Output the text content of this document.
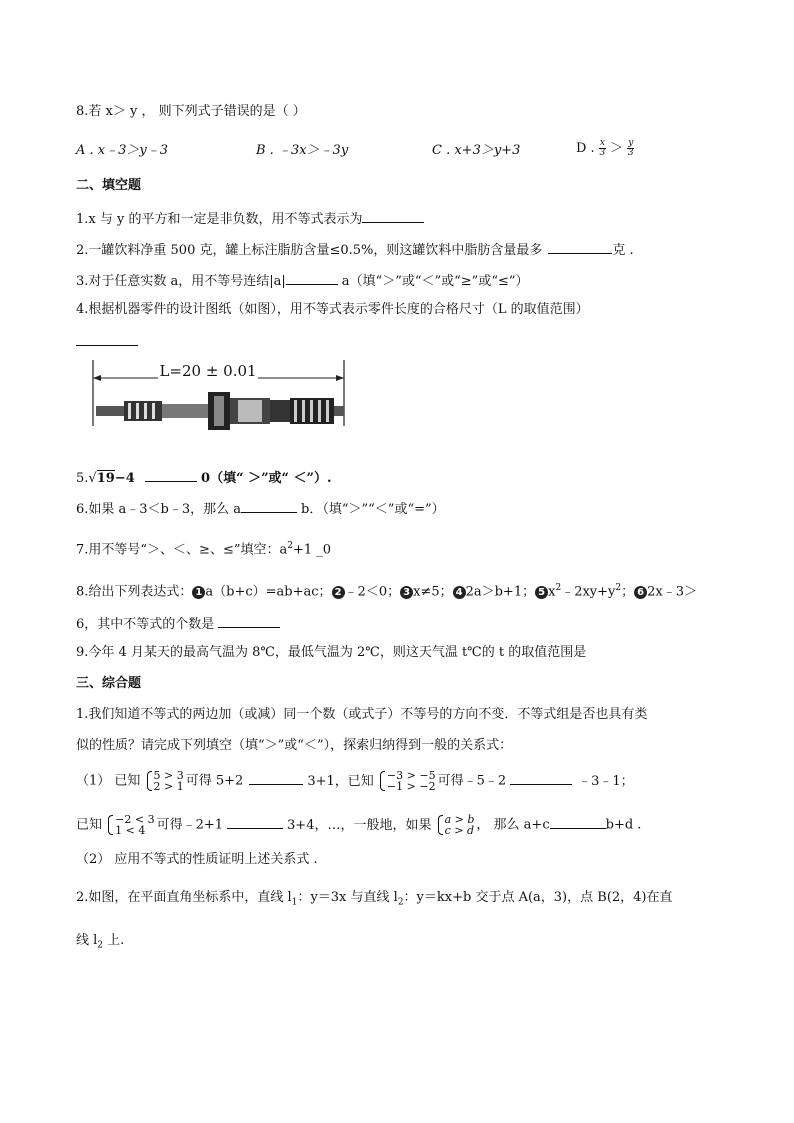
8.若 x＞ y ， 则下列式子错误的是（ ）
A . x﹣3＞y﹣3	B . ﹣3x＞﹣3y	C . x+3＞y+3	D . $\frac{x}{3} > \frac{y}{3}$
二、填空题
1.x 与 y 的平方和一定是非负数，用不等式表示为
2.一罐饮料净重 500 克，罐上标注脂肪含量≤0.5%，则这罐饮料中脂肪含量最多	克 .
3.对于任意实数 a，用不等号连结|a|	a（填“＞”或“＜”或“≥”或“≤”）
4.根据机器零件的设计图纸（如图），用不等式表示零件长度的合格尺寸（L 的取值范围）
L=20 ± 0.01
5.√19−4	0（填“ ＞”或“ ＜”）.
6.如果 a﹣3＜b﹣3，那么 a	b．（填“＞”“＜”或“=”）
7.用不等号“＞、＜、≥、≤”填空：$a^2+1$ _0
8.给出下列表达式： 1 a（b+c）=ab+ac； 2 ﹣2＜0； 3 x≠5； 4 2a＞b+1； 5 $x^2﹣2xy+y^2$； 6 2x﹣3＞
6，其中不等式的个数是
9.今年 4 月某天的最高气温为 8℃，最低气温为 2℃，则这天气温 t℃的 t 的取值范围是
三、综合题
1.我们知道不等式的两边加（或减）同一个数（或式子）不等号的方向不变．不等式组是否也具有类
似的性质？请完成下列填空（填“＞”或“＜”），探索归纳得到一般的关系式：
（1） 已知 5 > 3
2 > 1 可得 5+2	3+1，已知 −3 > −5
−1 > −2 可得﹣5﹣2	﹣3﹣1；
已知 −2 < 3
1 < 4 可得﹣2+1	3+4，…，一般地，如果 a > b
c > d ， 那么 a+c	b+d .
（2） 应用不等式的性质证明上述关系式 .
2.如图，在平面直角坐标系中，直线 $l_1$：y＝3x 与直线 $l_2$：y＝kx+b 交于点 A(a，3)，点 B(2，4)在直
线 $l_2$ 上.
